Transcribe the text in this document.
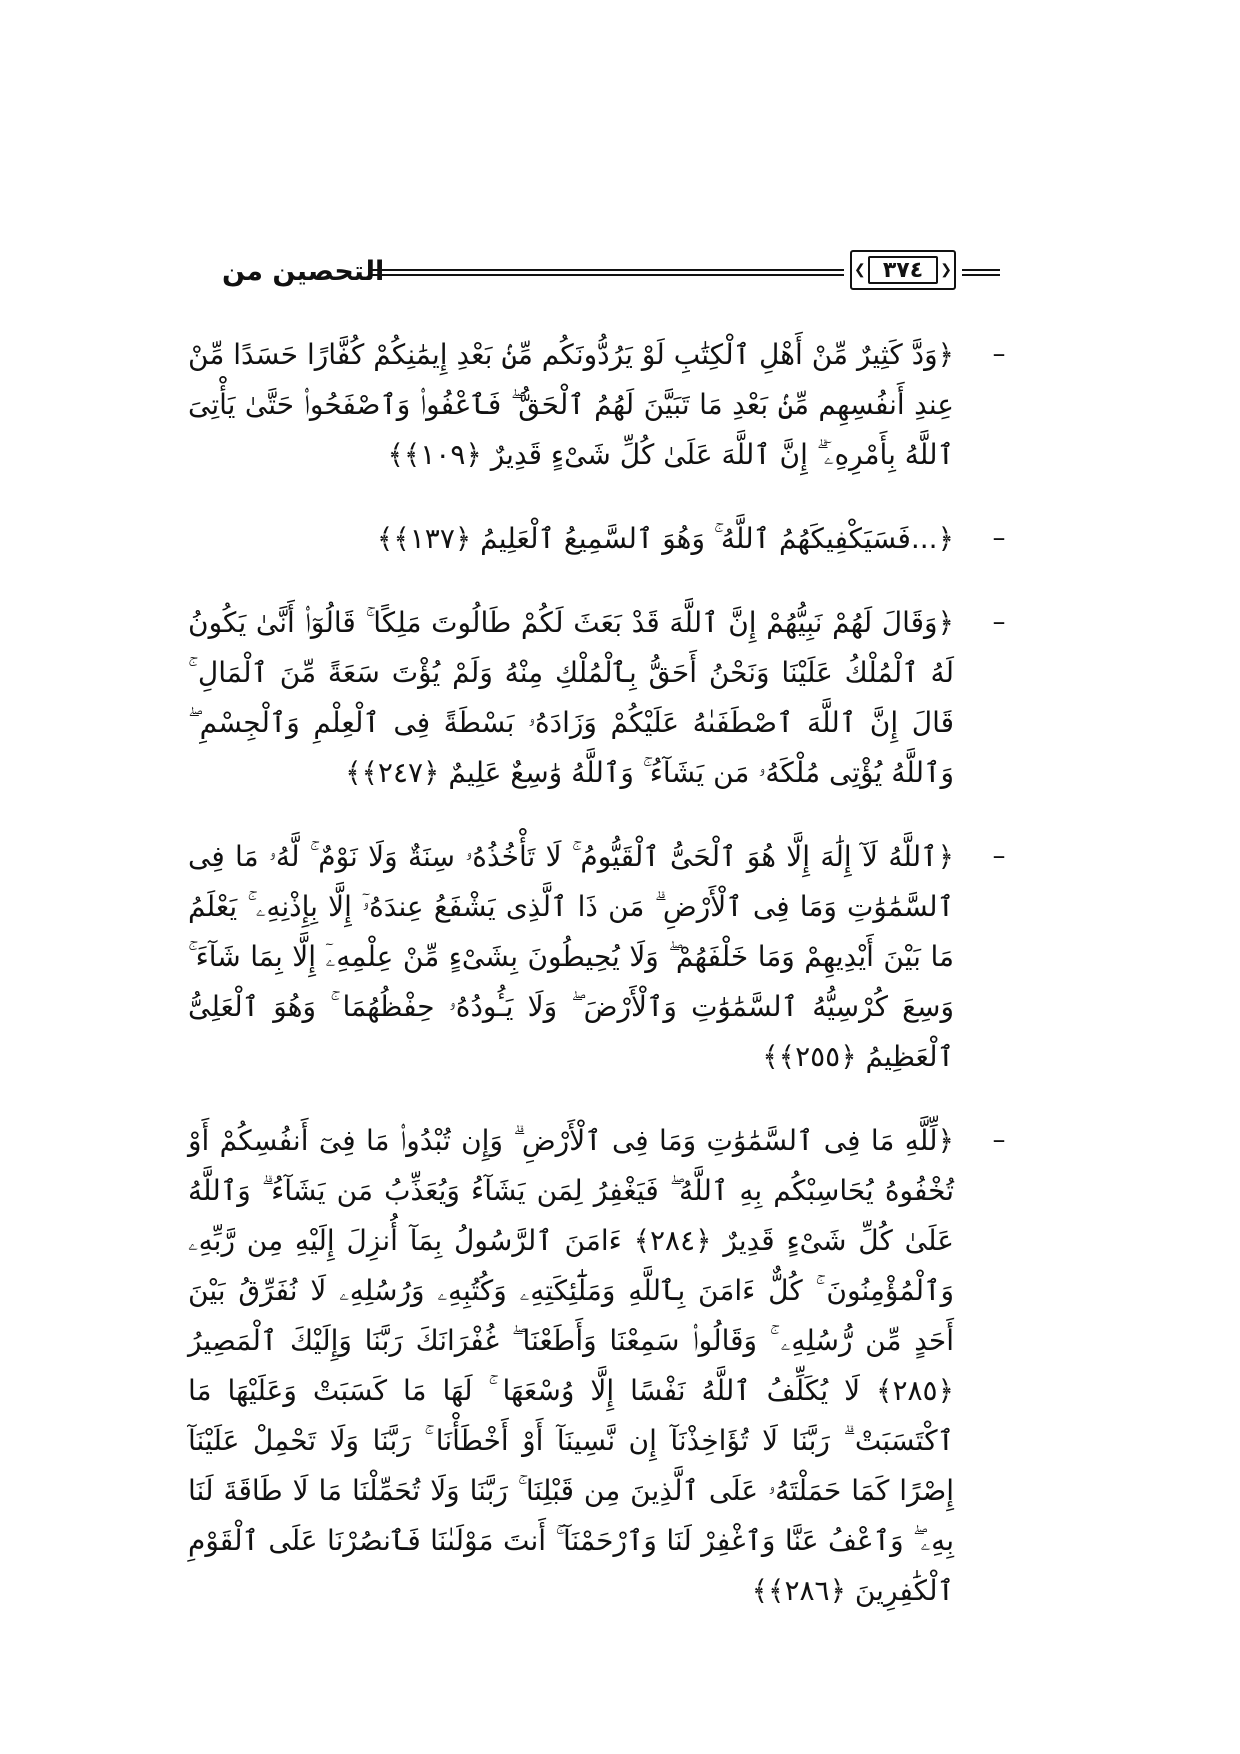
التحصين من	❮ ٣٧٤	❯
–
﴿وَدَّ كَثِيرٌ مِّنْ أَهْلِ ٱلْكِتَٰبِ لَوْ يَرُدُّونَكُم مِّنۢ بَعْدِ إِيمَٰنِكُمْ كُفَّارًا حَسَدًا مِّنْ عِندِ أَنفُسِهِم مِّنۢ بَعْدِ مَا تَبَيَّنَ لَهُمُ ٱلْحَقُّ ۖ فَٱعْفُوا۟ وَٱصْفَحُوا۟ حَتَّىٰ يَأْتِىَ ٱللَّهُ بِأَمْرِهِۦٓ ۗ إِنَّ ٱللَّهَ عَلَىٰ كُلِّ شَىْءٍ قَدِيرٌ ﴿١٠٩﴾﴾
–
﴿...فَسَيَكْفِيكَهُمُ ٱللَّهُ ۚ وَهُوَ ٱلسَّمِيعُ ٱلْعَلِيمُ ﴿١٣٧﴾﴾
–
﴿وَقَالَ لَهُمْ نَبِيُّهُمْ إِنَّ ٱللَّهَ قَدْ بَعَثَ لَكُمْ طَالُوتَ مَلِكًا ۚ قَالُوٓا۟ أَنَّىٰ يَكُونُ لَهُ ٱلْمُلْكُ عَلَيْنَا وَنَحْنُ أَحَقُّ بِٱلْمُلْكِ مِنْهُ وَلَمْ يُؤْتَ سَعَةً مِّنَ ٱلْمَالِ ۚ قَالَ إِنَّ ٱللَّهَ ٱصْطَفَىٰهُ عَلَيْكُمْ وَزَادَهُۥ بَسْطَةً فِى ٱلْعِلْمِ وَٱلْجِسْمِ ۖ وَٱللَّهُ يُؤْتِى مُلْكَهُۥ مَن يَشَآءُ ۚ وَٱللَّهُ وَٰسِعٌ عَلِيمٌ ﴿٢٤٧﴾﴾
–
﴿ٱللَّهُ لَآ إِلَٰهَ إِلَّا هُوَ ٱلْحَىُّ ٱلْقَيُّومُ ۚ لَا تَأْخُذُهُۥ سِنَةٌ وَلَا نَوْمٌ ۚ لَّهُۥ مَا فِى ٱلسَّمَٰوَٰتِ وَمَا فِى ٱلْأَرْضِ ۗ مَن ذَا ٱلَّذِى يَشْفَعُ عِندَهُۥٓ إِلَّا بِإِذْنِهِۦ ۚ يَعْلَمُ مَا بَيْنَ أَيْدِيهِمْ وَمَا خَلْفَهُمْ ۖ وَلَا يُحِيطُونَ بِشَىْءٍ مِّنْ عِلْمِهِۦٓ إِلَّا بِمَا شَآءَ ۚ وَسِعَ كُرْسِيُّهُ ٱلسَّمَٰوَٰتِ وَٱلْأَرْضَ ۖ وَلَا يَـُٔودُهُۥ حِفْظُهُمَا ۚ وَهُوَ ٱلْعَلِىُّ ٱلْعَظِيمُ ﴿٢٥٥﴾﴾
–
﴿لِّلَّهِ مَا فِى ٱلسَّمَٰوَٰتِ وَمَا فِى ٱلْأَرْضِ ۗ وَإِن تُبْدُوا۟ مَا فِىٓ أَنفُسِكُمْ أَوْ تُخْفُوهُ يُحَاسِبْكُم بِهِ ٱللَّهُ ۖ فَيَغْفِرُ لِمَن يَشَآءُ وَيُعَذِّبُ مَن يَشَآءُ ۗ وَٱللَّهُ عَلَىٰ كُلِّ شَىْءٍ قَدِيرٌ ﴿٢٨٤﴾ ءَامَنَ ٱلرَّسُولُ بِمَآ أُنزِلَ إِلَيْهِ مِن رَّبِّهِۦ وَٱلْمُؤْمِنُونَ ۚ كُلٌّ ءَامَنَ بِٱللَّهِ وَمَلَٰٓئِكَتِهِۦ وَكُتُبِهِۦ وَرُسُلِهِۦ لَا نُفَرِّقُ بَيْنَ أَحَدٍ مِّن رُّسُلِهِۦ ۚ وَقَالُوا۟ سَمِعْنَا وَأَطَعْنَا ۖ غُفْرَانَكَ رَبَّنَا وَإِلَيْكَ ٱلْمَصِيرُ ﴿٢٨٥﴾ لَا يُكَلِّفُ ٱللَّهُ نَفْسًا إِلَّا وُسْعَهَا ۚ لَهَا مَا كَسَبَتْ وَعَلَيْهَا مَا ٱكْتَسَبَتْ ۗ رَبَّنَا لَا تُؤَاخِذْنَآ إِن نَّسِينَآ أَوْ أَخْطَأْنَا ۚ رَبَّنَا وَلَا تَحْمِلْ عَلَيْنَآ إِصْرًا كَمَا حَمَلْتَهُۥ عَلَى ٱلَّذِينَ مِن قَبْلِنَا ۚ رَبَّنَا وَلَا تُحَمِّلْنَا مَا لَا طَاقَةَ لَنَا بِهِۦ ۖ وَٱعْفُ عَنَّا وَٱغْفِرْ لَنَا وَٱرْحَمْنَآ ۚ أَنتَ مَوْلَىٰنَا فَٱنصُرْنَا عَلَى ٱلْقَوْمِ ٱلْكَٰفِرِينَ ﴿٢٨٦﴾﴾
